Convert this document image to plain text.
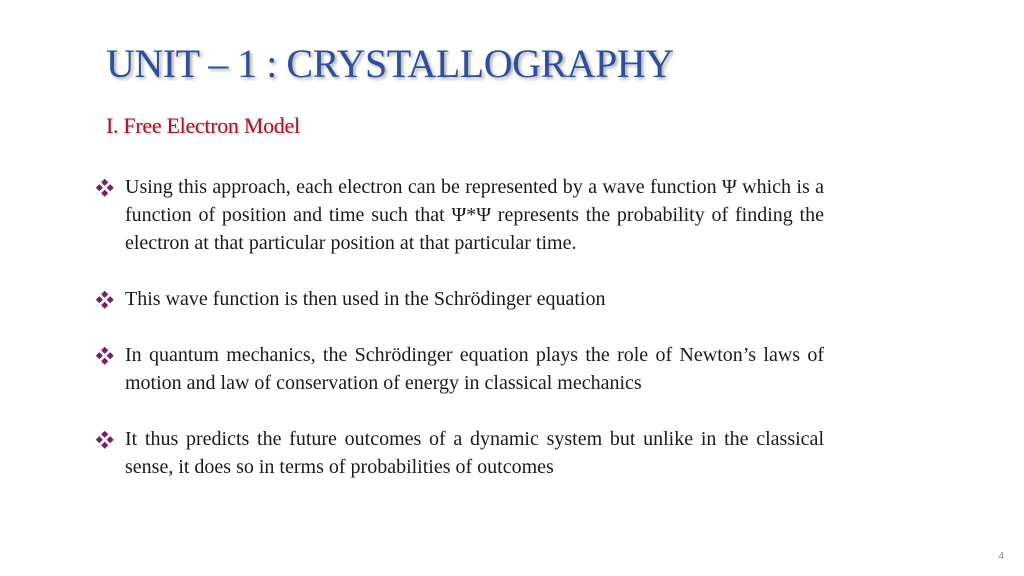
UNIT – 1 : CRYSTALLOGRAPHY
I. Free Electron Model
Using this approach, each electron can be represented by a wave function Ψ which is a function of position and time such that Ψ*Ψ represents the probability of finding the electron at that particular position at that particular time.
This wave function is then used in the Schrödinger equation
In quantum mechanics, the Schrödinger equation plays the role of Newton’s laws of motion and law of conservation of energy in classical mechanics
It thus predicts the future outcomes of a dynamic system but unlike in the classical sense, it does so in terms of probabilities of outcomes
4
